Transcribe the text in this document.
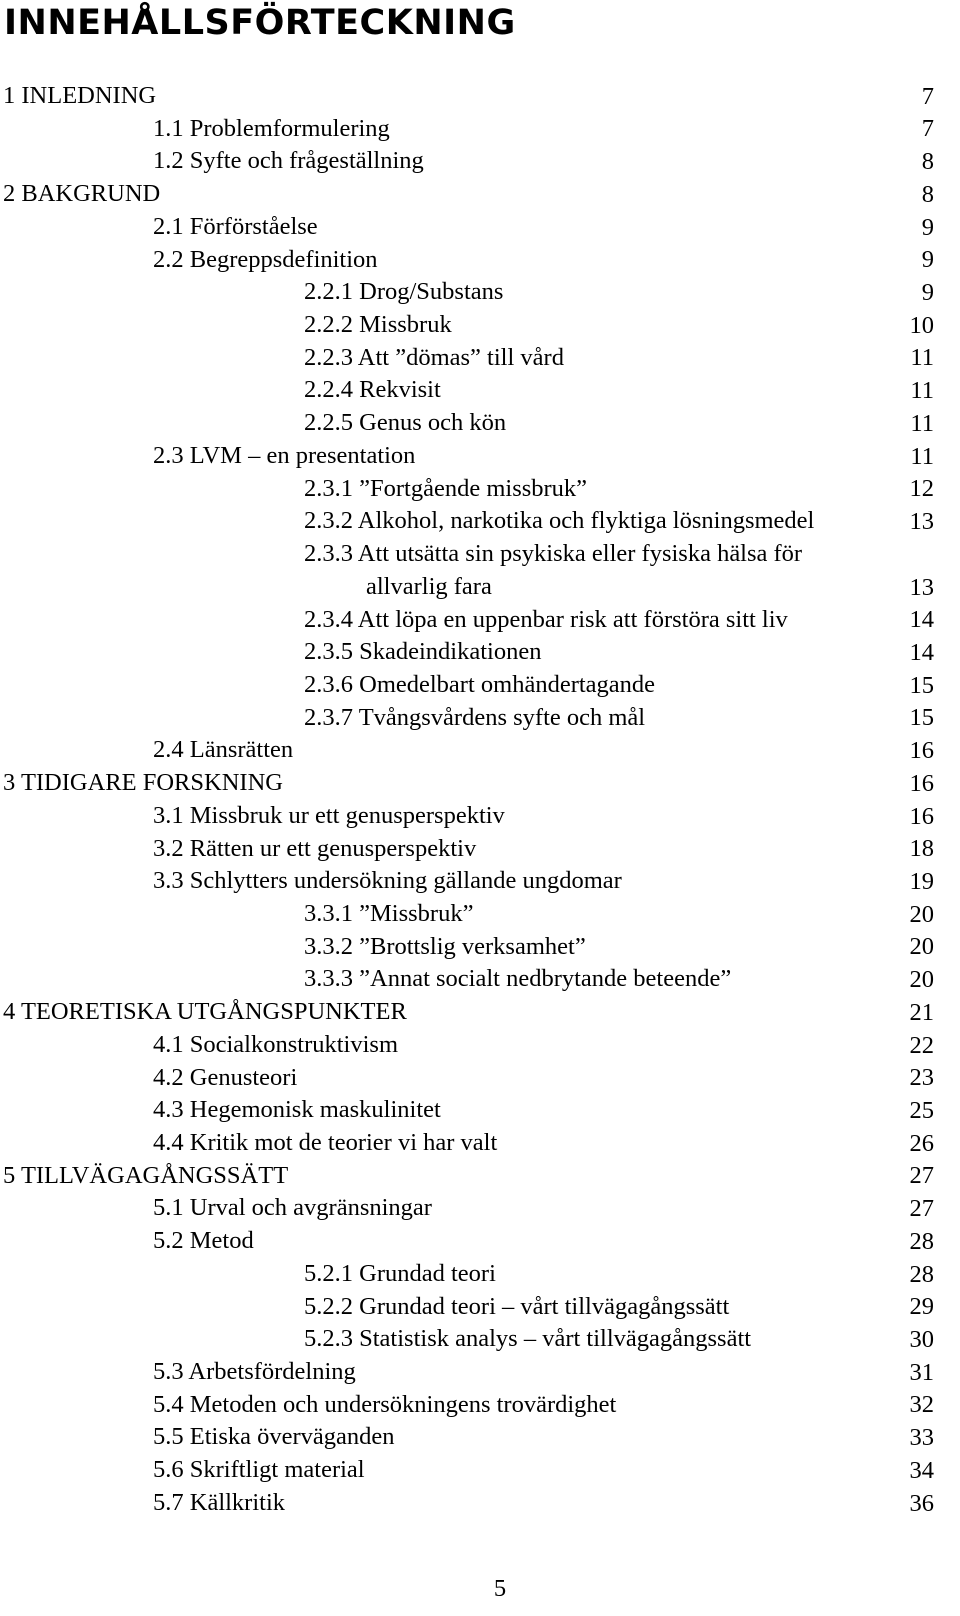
INNEHÅLLSFÖRTECKNING
1 INLEDNING	7
1.1 Problemformulering	7
1.2 Syfte och frågeställning	8
2 BAKGRUND	8
2.1 Förförståelse	9
2.2 Begreppsdefinition	9
2.2.1 Drog/Substans	9
2.2.2 Missbruk	10
2.2.3 Att ”dömas” till vård	11
2.2.4 Rekvisit	11
2.2.5 Genus och kön	11
2.3 LVM – en presentation	11
2.3.1 ”Fortgående missbruk”	12
2.3.2 Alkohol, narkotika och flyktiga lösningsmedel	13
2.3.3 Att utsätta sin psykiska eller fysiska hälsa för
allvarlig fara	13
2.3.4 Att löpa en uppenbar risk att förstöra sitt liv	14
2.3.5 Skadeindikationen	14
2.3.6 Omedelbart omhändertagande	15
2.3.7 Tvångsvårdens syfte och mål	15
2.4 Länsrätten	16
3 TIDIGARE FORSKNING	16
3.1 Missbruk ur ett genusperspektiv	16
3.2 Rätten ur ett genusperspektiv	18
3.3 Schlytters undersökning gällande ungdomar	19
3.3.1 ”Missbruk”	20
3.3.2 ”Brottslig verksamhet”	20
3.3.3 ”Annat socialt nedbrytande beteende”	20
4 TEORETISKA UTGÅNGSPUNKTER	21
4.1 Socialkonstruktivism	22
4.2 Genusteori	23
4.3 Hegemonisk maskulinitet	25
4.4 Kritik mot de teorier vi har valt	26
5 TILLVÄGAGÅNGSSÄTT	27
5.1 Urval och avgränsningar	27
5.2 Metod	28
5.2.1 Grundad teori	28
5.2.2 Grundad teori – vårt tillvägagångssätt	29
5.2.3 Statistisk analys – vårt tillvägagångssätt	30
5.3 Arbetsfördelning	31
5.4 Metoden och undersökningens trovärdighet	32
5.5 Etiska överväganden	33
5.6 Skriftligt material	34
5.7 Källkritik	36
5
